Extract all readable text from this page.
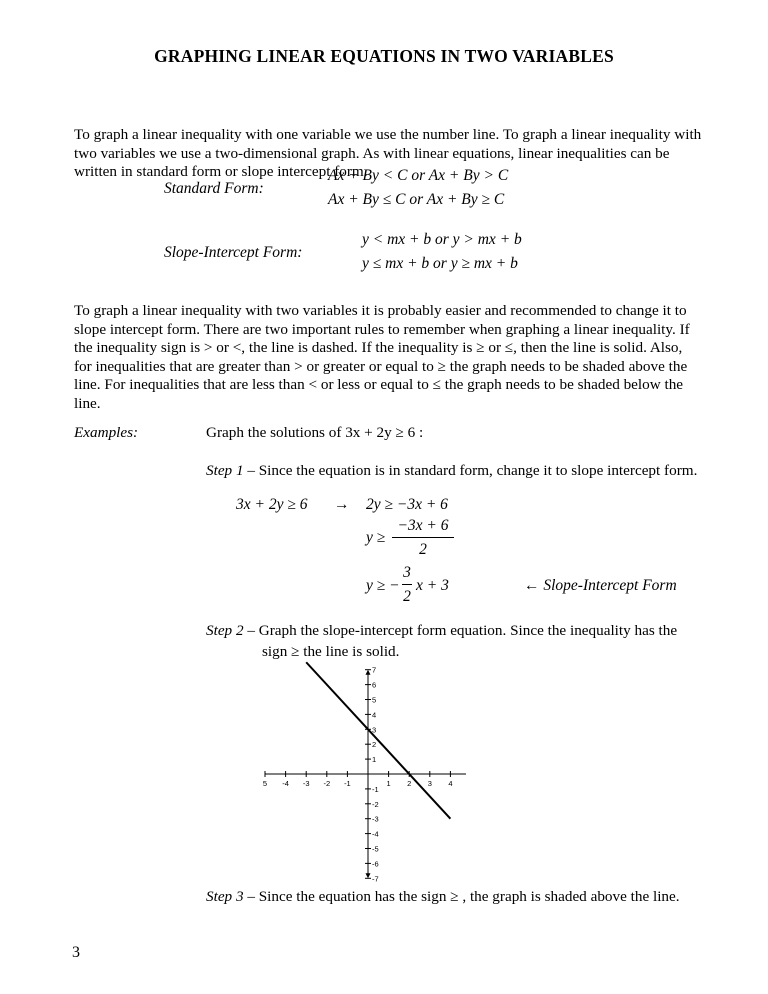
GRAPHING LINEAR EQUATIONS IN TWO VARIABLES
To graph a linear inequality with one variable we use the number line. To graph a linear inequality with two variables we use a two-dimensional graph. As with linear equations, linear inequalities can be written in standard form or slope intercept form.
Standard Form:
Ax + By < C or Ax + By > C
Ax + By ≤ C or Ax + By ≥ C
Slope-Intercept Form:
y < mx + b or y > mx + b
y ≤ mx + b or y ≥ mx + b
To graph a linear inequality with two variables it is probably easier and recommended to change it to slope intercept form. There are two important rules to remember when graphing a linear inequality. If the inequality sign is > or <, the line is dashed. If the inequality is ≥ or ≤, then the line is solid. Also, for inequalities that are greater than > or greater or equal to ≥ the graph needs to be shaded above the line. For inequalities that are less than < or less or equal to ≤ the graph needs to be shaded below the line.
Examples:	Graph the solutions of 3x + 2y ≥ 6 :
Step 1 – Since the equation is in standard form, change it to slope intercept form.
3x + 2y ≥ 6 → 2y ≥ −3x + 6
y ≥
−3x + 6
2
y ≥ −
3
2
x + 3	← Slope-Intercept Form
Step 2 – Graph the slope-intercept form equation. Since the inequality has the
sign ≥ the line is solid.
5 -4 -3 -2 -1	1 2 3 4
7
6
5
4
3
2
1
-1
-2
-3
-4
-5
-6
-7
Step 3 – Since the equation has the sign ≥ , the graph is shaded above the line.
3
